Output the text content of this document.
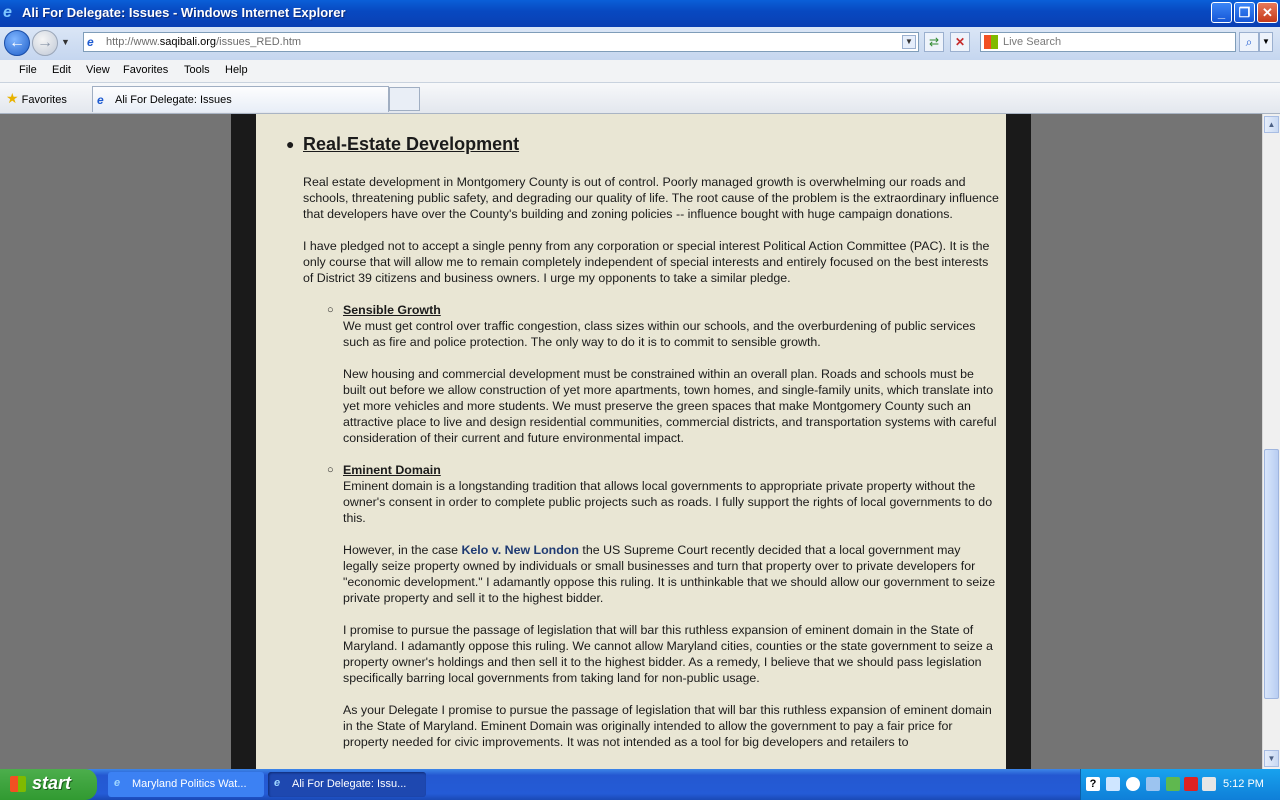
e Ali For Delegate: Issues - Windows Internet Explorer	_	❐ ✕
← → ▼ e http://www.saqibali.org/issues_RED.htm	▼	⇄	✕	Live Search	⌕	▼
File Edit View Favorites Tools Help
★ Favorites	e Ali For Delegate: Issues
● Real-Estate Development

Real estate development in Montgomery County is out of control. Poorly managed growth is overwhelming our roads and schools, threatening public safety, and degrading our quality of life. The root cause of the problem is the extraordinary influence that developers have over the County's building and zoning policies -- influence bought with huge campaign donations.

I have pledged not to accept a single penny from any corporation or special interest Political Action Committee (PAC). It is the only course that will allow me to remain completely independent of special interests and entirely focused on the best interests of District 39 citizens and business owners. I urge my opponents to take a similar pledge.

○ Sensible Growth

We must get control over traffic congestion, class sizes within our schools, and the overburdening of public services such as fire and police protection. The only way to do it is to commit to sensible growth.

New housing and commercial development must be constrained within an overall plan. Roads and schools must be built out before we allow construction of yet more apartments, town homes, and single-family units, which translate into yet more vehicles and more students. We must preserve the green spaces that make Montgomery County such an attractive place to live and design residential communities, commercial districts, and transportation systems with careful consideration of their current and future environmental impact.

○ Eminent Domain

Eminent domain is a longstanding tradition that allows local governments to appropriate private property without the owner's consent in order to complete public projects such as roads. I fully support the rights of local governments to do this.

However, in the case Kelo v. New London the US Supreme Court recently decided that a local government may legally seize property owned by individuals or small businesses and turn that property over to private developers for "economic development." I adamantly oppose this ruling. It is unthinkable that we should allow our government to seize private property and sell it to the highest bidder.

I promise to pursue the passage of legislation that will bar this ruthless expansion of eminent domain in the State of Maryland. I adamantly oppose this ruling. We cannot allow Maryland cities, counties or the state government to seize a property owner's holdings and then sell it to the highest bidder. As a remedy, I believe that we should pass legislation specifically barring local governments from taking land for non-public usage.

As your Delegate I promise to pursue the passage of legislation that will bar this ruthless expansion of eminent domain in the State of Maryland. Eminent Domain was originally intended to allow the government to pay a fair price for property needed for civic improvements. It was not intended as a tool for big developers and retailers to

▲
▼
start	e Maryland Politics Wat... e Ali For Delegate: Issu...	?	5:12 PM
